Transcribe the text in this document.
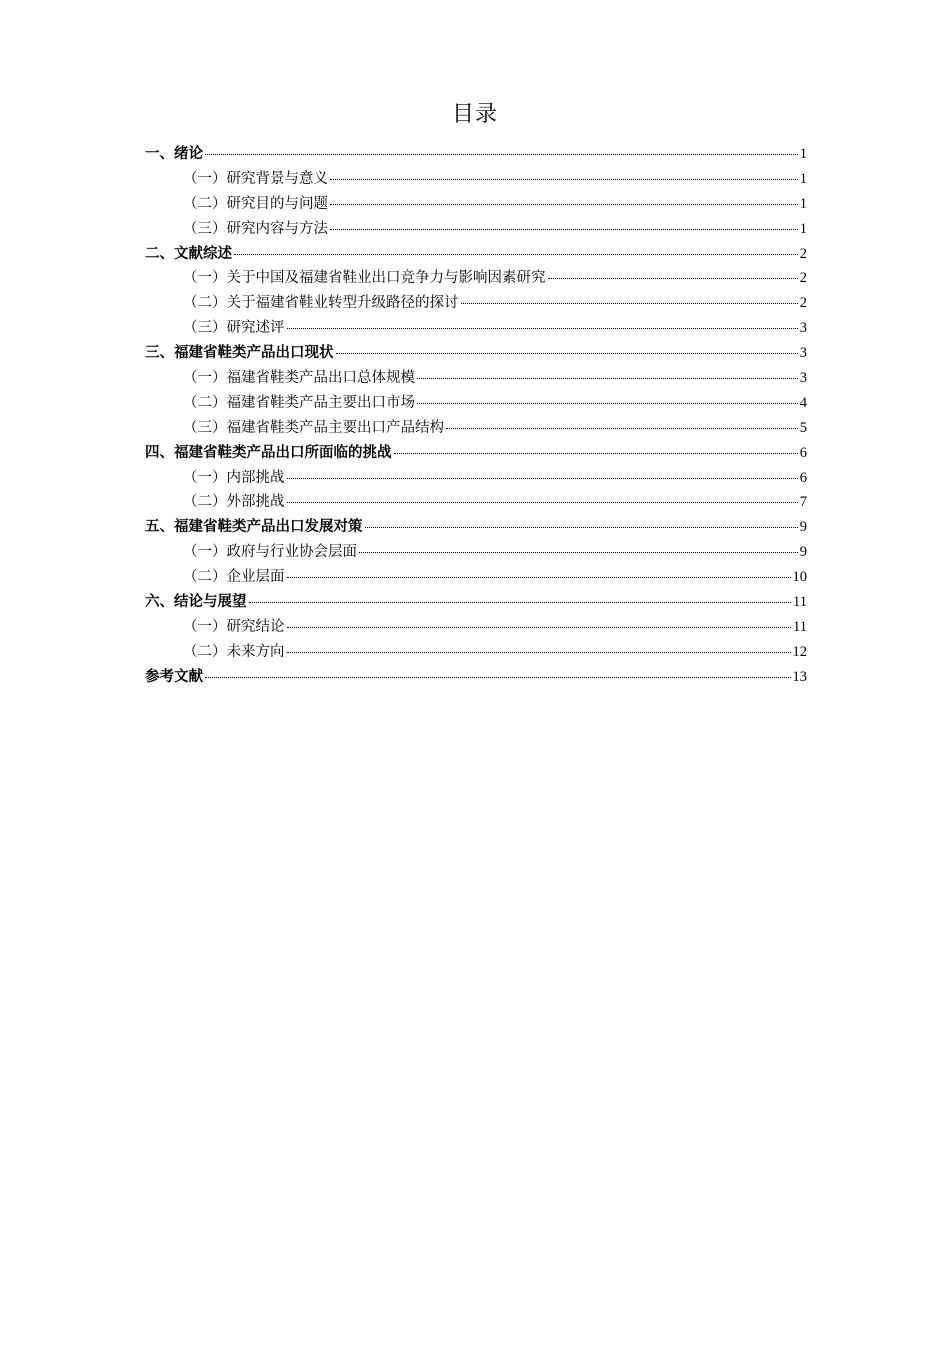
目录
一、绪论	1
（一）研究背景与意义	1
（二）研究目的与问题	1
（三）研究内容与方法	1
二、文献综述	2
（一）关于中国及福建省鞋业出口竞争力与影响因素研究	2
（二）关于福建省鞋业转型升级路径的探讨	2
（三）研究述评	3
三、福建省鞋类产品出口现状	3
（一）福建省鞋类产品出口总体规模	3
（二）福建省鞋类产品主要出口市场	4
（三）福建省鞋类产品主要出口产品结构	5
四、福建省鞋类产品出口所面临的挑战	6
（一）内部挑战	6
（二）外部挑战	7
五、福建省鞋类产品出口发展对策	9
（一）政府与行业协会层面	9
（二）企业层面	10
六、结论与展望	11
（一）研究结论	11
（二）未来方向	12
参考文献	13
